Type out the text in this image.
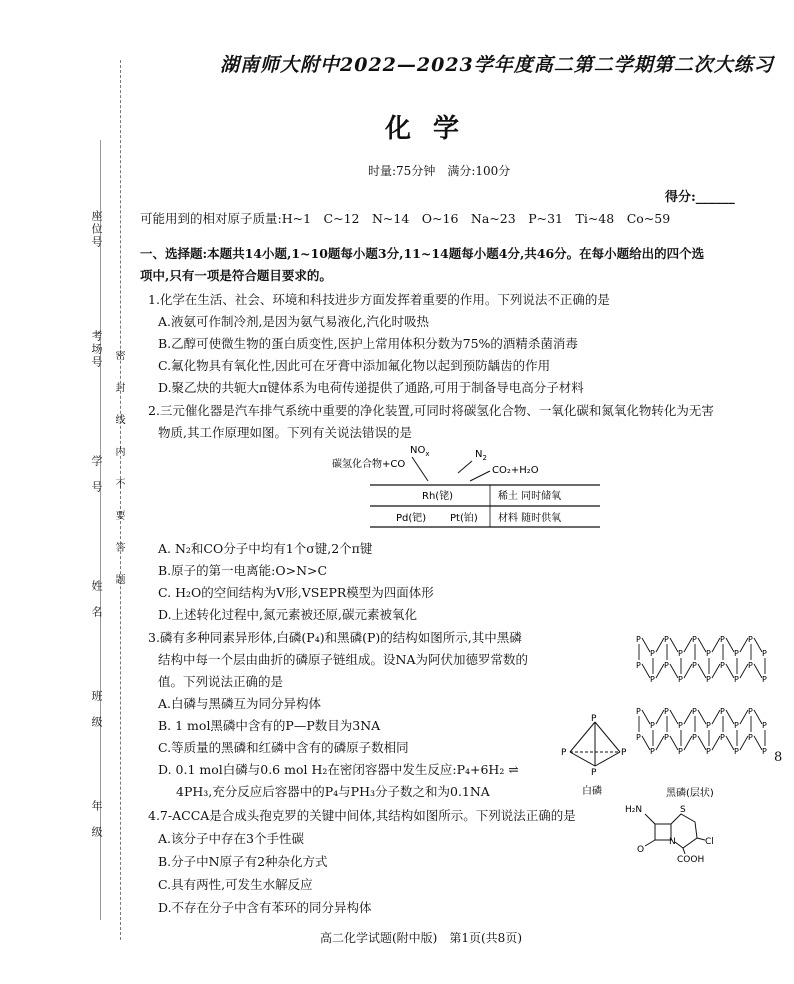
座位号
考场号
学　号
姓　名
班　级
年　级
密　封　线　内　不　要　答　题
湖南师大附中2022—2023学年度高二第二学期第二次大练习
化学
时量:75分钟　满分:100分
得分:______
可能用到的相对原子质量:H~1　C~12　N~14　O~16　Na~23　P~31　Ti~48　Co~59
一、选择题:本题共14小题,1~10题每小题3分,11~14题每小题4分,共46分。在每小题给出的四个选
项中,只有一项是符合题目要求的。
1.化学在生活、社会、环境和科技进步方面发挥着重要的作用。下列说法不正确的是
A.液氨可作制冷剂,是因为氨气易液化,汽化时吸热
B.乙醇可使微生物的蛋白质变性,医护上常用体积分数为75%的酒精杀菌消毒
C.氟化物具有氧化性,因此可在牙膏中添加氟化物以起到预防龋齿的作用
D.聚乙炔的共轭大π键体系为电荷传递提供了通路,可用于制备导电高分子材料
2.三元催化器是汽车排气系统中重要的净化装置,可同时将碳氢化合物、一氧化碳和氮氧化物转化为无害
物质,其工作原理如图。下列有关说法错误的是
碳氢化合物+CO
$NO_x$	$N_2$
CO₂+H₂O
Rh(铑)	稀土 同时储氧
Pd(钯) Pt(铂) 材料 随时供氧
A. N₂和CO分子中均有1个σ键,2个π键
B.原子的第一电离能:O>N>C
C. H₂O的空间结构为V形,VSEPR模型为四面体形
D.上述转化过程中,氮元素被还原,碳元素被氧化
3.磷有多种同素异形体,白磷(P₄)和黑磷(P)的结构如图所示,其中黑磷
结构中每一个层由曲折的磷原子链组成。设NA为阿伏加德罗常数的
值。下列说法正确的是
A.白磷与黑磷互为同分异构体
B. 1 mol黑磷中含有的P—P数目为3NA
C.等质量的黑磷和红磷中含有的磷原子数相同
D. 0.1 mol白磷与0.6 mol H₂在密闭容器中发生反应:P₄+6H₂ ⇌
4PH₃,充分反应后容器中的P₄与PH₃分子数之和为0.1NA
P
P	P
P
白磷	黑磷(层状)
P
P
P
P
P
P
P
P
P
P
P
P
P
P
P
P
P
P
P
P
P
P
P
P
P
P
P
P
P
P
P
P
P
P
P
P
P
P
P
P
4.7-ACCA是合成头孢克罗的关键中间体,其结构如图所示。下列说法正确的是
A.该分子中存在3个手性碳
B.分子中N原子有2种杂化方式
C.具有两性,可发生水解反应
D.不存在分子中含有苯环的同分异构体
H₂N	S
N
O
Cl
COOH
8
高二化学试题(附中版)　第1页(共8页)
